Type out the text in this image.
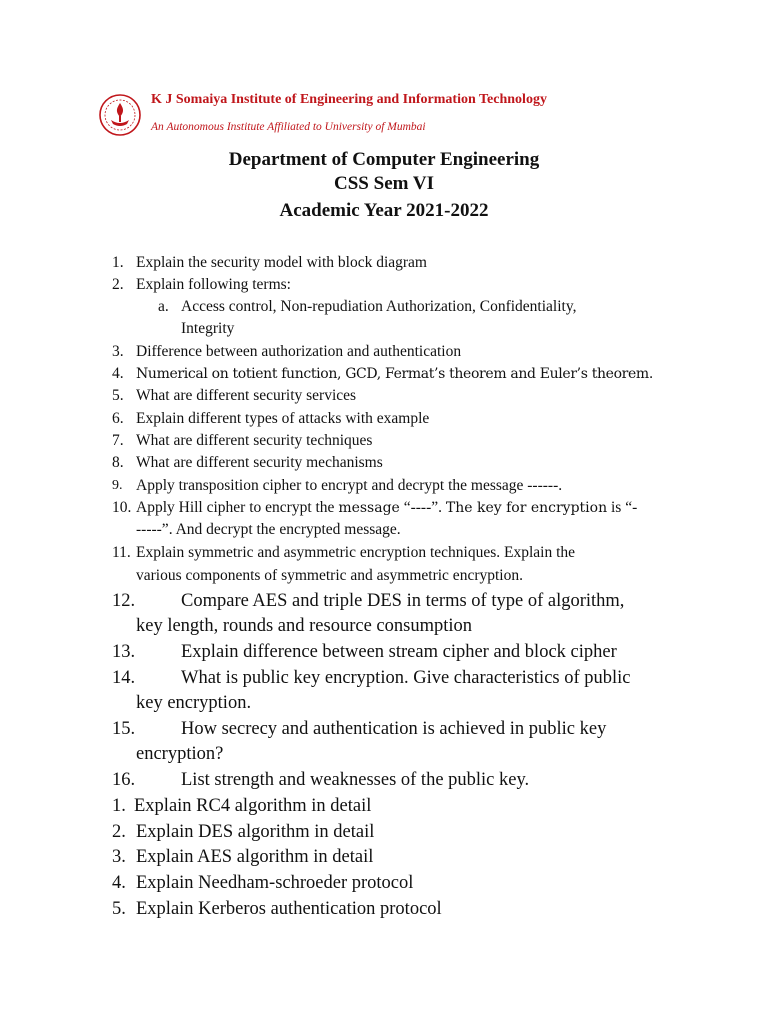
K J Somaiya Institute of Engineering and Information Technology
An Autonomous Institute Affiliated to University of Mumbai
Department of Computer Engineering
CSS Sem VI
Academic Year 2021-2022
1. Explain the security model with block diagram
2. Explain following terms:
a. Access control, Non-repudiation Authorization, Confidentiality,
Integrity
3. Difference between authorization and authentication
4. Numerical on totient function, GCD, Fermat’s theorem and Euler’s theorem.
5. What are different security services
6. Explain different types of attacks with example
7. What are different security techniques
8. What are different security mechanisms
9. Apply transposition cipher to encrypt and decrypt the message ------.
10. Apply Hill cipher to encrypt the message “----”. The key for encryption is “-
-----”. And decrypt the encrypted message.
11. Explain symmetric and asymmetric encryption techniques. Explain the
various components of symmetric and asymmetric encryption.
12. Compare AES and triple DES in terms of type of algorithm,
key length, rounds and resource consumption
13. Explain difference between stream cipher and block cipher
14. What is public key encryption. Give characteristics of public
key encryption.
15. How secrecy and authentication is achieved in public key
encryption?
16. List strength and weaknesses of the public key.
1. Explain RC4 algorithm in detail
2. Explain DES algorithm in detail
3. Explain AES algorithm in detail
4. Explain Needham-schroeder protocol
5. Explain Kerberos authentication protocol
